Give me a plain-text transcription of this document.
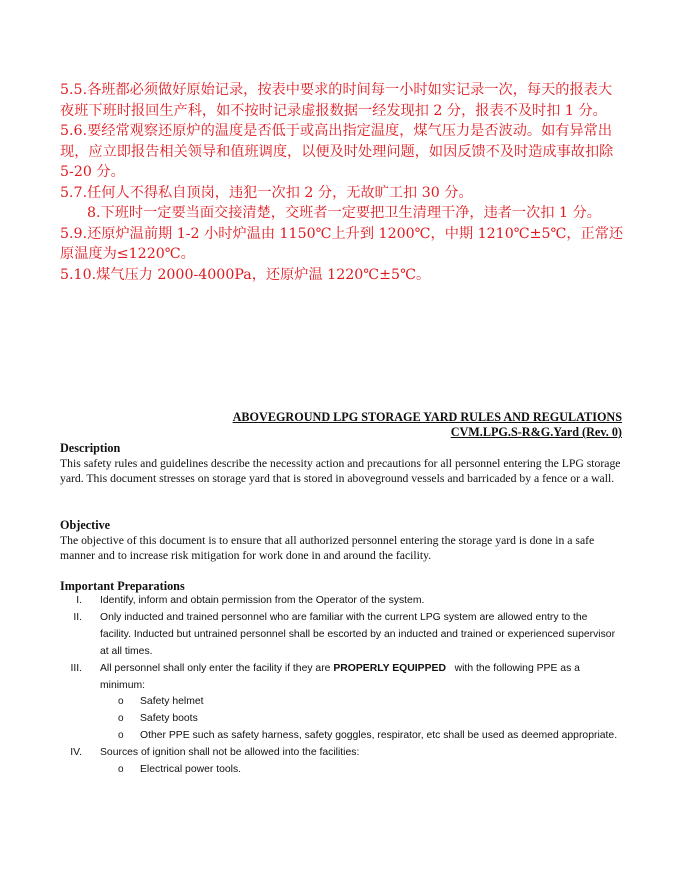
5.5.各班都必须做好原始记录，按表中要求的时间每一小时如实记录一次，每天的报表大夜班下班时报回生产科，如不按时记录虚报数据一经发现扣 2 分，报表不及时扣 1 分。

5.6.要经常观察还原炉的温度是否低于或高出指定温度，煤气压力是否波动。如有异常出现，应立即报告相关领导和值班调度，以便及时处理问题，如因反馈不及时造成事故扣除 5-20 分。

5.7.任何人不得私自顶岗，违犯一次扣 2 分，无故旷工扣 30 分。

8.下班时一定要当面交接清楚，交班者一定要把卫生清理干净，违者一次扣 1 分。

5.9.还原炉温前期 1-2 小时炉温由 1150℃上升到 1200℃，中期 1210℃±5℃，正常还原温度为≤1220℃。

5.10.煤气压力 2000-4000Pa，还原炉温 1220℃±5℃。

ABOVEGROUND LPG STORAGE YARD RULES AND REGULATIONS
CVM.LPG.S-R&G.Yard (Rev. 0)

Description

This safety rules and guidelines describe the necessity action and precautions for all personnel entering the LPG storage yard. This document stresses on storage yard that is stored in aboveground vessels and barricaded by a fence or a wall.

Objective

The objective of this document is to ensure that all authorized personnel entering the storage yard is done in a safe manner and to increase risk mitigation for work done in and around the facility.

Important Preparations

I. Identify, inform and obtain permission from the Operator of the system.
II. Only inducted and trained personnel who are familiar with the current LPG system are allowed entry to the facility. Inducted but untrained personnel shall be escorted by an inducted and trained or experienced supervisor at all times.
III. All personnel shall only enter the facility if they are PROPERLY EQUIPPED   with the following PPE as a minimum:
o Safety helmet
o Safety boots
o Other PPE such as safety harness, safety goggles, respirator, etc shall be used as deemed appropriate.
IV. Sources of ignition shall not be allowed into the facilities:
o Electrical power tools.
